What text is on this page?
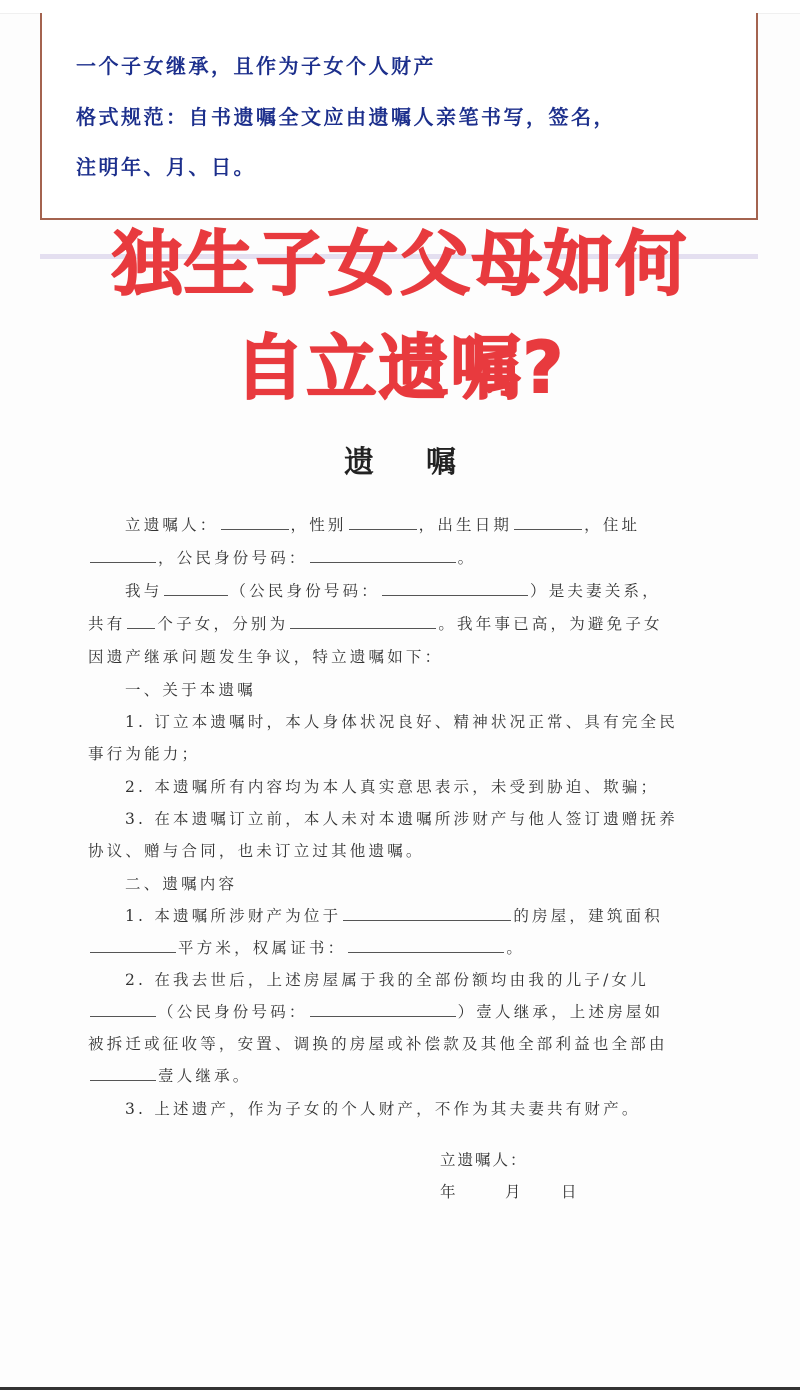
一个子女继承，且作为子女个人财产
格式规范：自书遗嘱全文应由遗嘱人亲笔书写，签名，
注明年、月、日。
独生子女父母如何
自立遗嘱?
遗 嘱
立遗嘱人：	，性别	，出生日期	，住址
，公民身份号码：	。
我与	（公民身份号码：	）是夫妻关系，
共有 个子女，分别为	。我年事已高，为避免子女
因遗产继承问题发生争议，特立遗嘱如下：
一、关于本遗嘱
1. 订立本遗嘱时，本人身体状况良好、精神状况正常、具有完全民
事行为能力；
2. 本遗嘱所有内容均为本人真实意思表示，未受到胁迫、欺骗；
3. 在本遗嘱订立前，本人未对本遗嘱所涉财产与他人签订遗赠抚养
协议、赠与合同，也未订立过其他遗嘱。
二、遗嘱内容
1. 本遗嘱所涉财产为位于	的房屋，建筑面积
平方米，权属证书：	。
2. 在我去世后，上述房屋属于我的全部份额均由我的儿子/女儿
（公民身份号码：	）壹人继承，上述房屋如
被拆迁或征收等，安置、调换的房屋或补偿款及其他全部利益也全部由
壹人继承。
3. 上述遗产，作为子女的个人财产，不作为其夫妻共有财产。
立遗嘱人：
年	月	日
